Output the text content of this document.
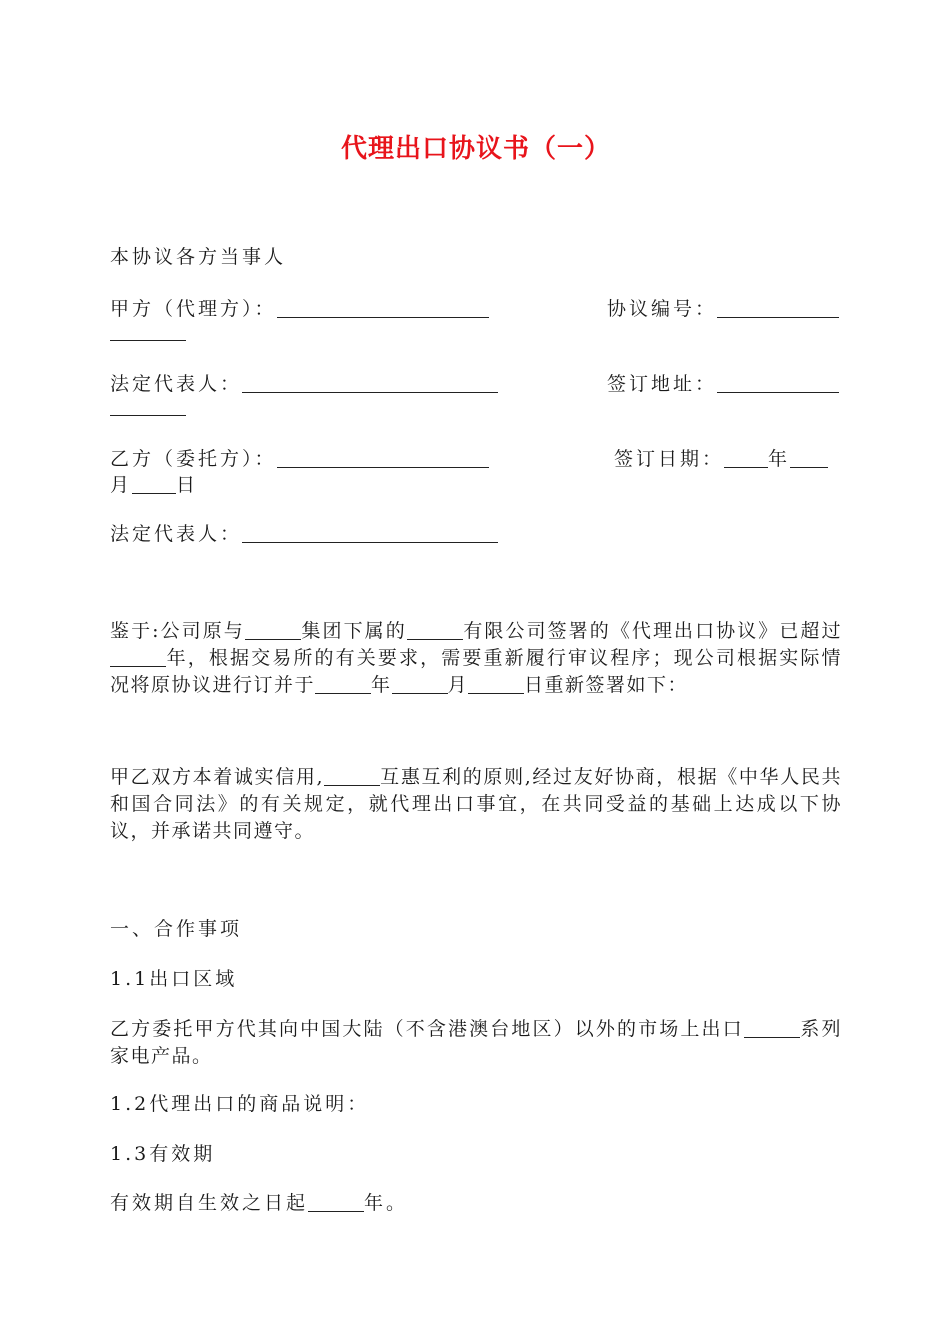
代理出口协议书（一）
本协议各方当事人
甲方（代理方）：	协议编号：
法定代表人：	签订地址：
乙方（委托方）：	签订日期： 年
月 日
法定代表人：
鉴于:公司原与	集团下属的	有限公司签署的《代理出口协议》已超过年，根据交易所的有关要求，需要重新履行审议程序；现公司根据实际情况将原协议进行订并于	年	月	日重新签署如下：
甲乙双方本着诚实信用,	互惠互利的原则,经过友好协商，根据《中华人民共和国合同法》的有关规定，就代理出口事宜，在共同受益的基础上达成以下协议，并承诺共同遵守。
一、合作事项
1.1出口区域
乙方委托甲方代其向中国大陆（不含港澳台地区）以外的市场上出口	系列家电产品。
1.2代理出口的商品说明：
1.3有效期
有效期自生效之日起	年。
